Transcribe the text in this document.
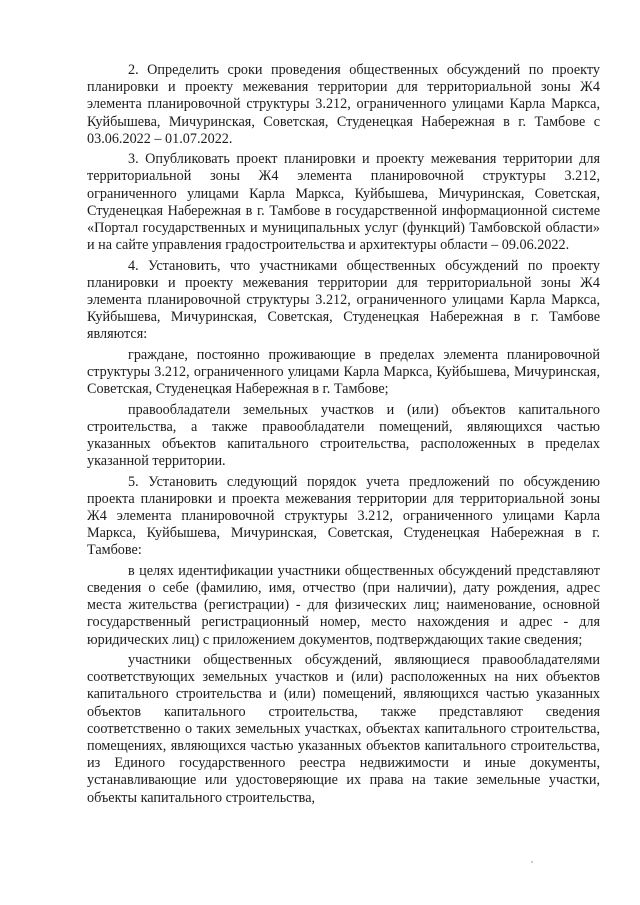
2. Определить сроки проведения общественных обсуждений по проекту планировки и проекту межевания территории для территориальной зоны Ж4 элемента планировочной структуры 3.212, ограниченного улицами Карла Маркса, Куйбышева, Мичуринская, Советская, Студенецкая Набережная в г. Тамбове с 03.06.2022 – 01.07.2022.

3. Опубликовать проект планировки и проекту межевания территории для территориальной зоны Ж4 элемента планировочной структуры 3.212, ограниченного улицами Карла Маркса, Куйбышева, Мичуринская, Советская, Студенецкая Набережная в г. Тамбове в государственной информационной системе «Портал государственных и муниципальных услуг (функций) Тамбовской области» и на сайте управления градостроительства и архитектуры области – 09.06.2022.

4. Установить, что участниками общественных обсуждений по проекту планировки и проекту межевания территории для территориальной зоны Ж4 элемента планировочной структуры 3.212, ограниченного улицами Карла Маркса, Куйбышева, Мичуринская, Советская, Студенецкая Набережная в г. Тамбове являются:

граждане, постоянно проживающие в пределах элемента планировочной структуры 3.212, ограниченного улицами Карла Маркса, Куйбышева, Мичуринская, Советская, Студенецкая Набережная в г. Тамбове;

правообладатели земельных участков и (или) объектов капитального строительства, а также правообладатели помещений, являющихся частью указанных объектов капитального строительства, расположенных в пределах указанной территории.

5. Установить следующий порядок учета предложений по обсуждению проекта планировки и проекта межевания территории для территориальной зоны Ж4 элемента планировочной структуры 3.212, ограниченного улицами Карла Маркса, Куйбышева, Мичуринская, Советская, Студенецкая Набережная в г. Тамбове:

в целях идентификации участники общественных обсуждений представляют сведения о себе (фамилию, имя, отчество (при наличии), дату рождения, адрес места жительства (регистрации) - для физических лиц; наименование, основной государственный регистрационный номер, место нахождения и адрес - для юридических лиц) с приложением документов, подтверждающих такие сведения;

участники общественных обсуждений, являющиеся правообладателями соответствующих земельных участков и (или) расположенных на них объектов капитального строительства и (или) помещений, являющихся частью указанных объектов капитального строительства, также представляют сведения соответственно о таких земельных участках, объектах капитального строительства, помещениях, являющихся частью указанных объектов капитального строительства, из Единого государственного реестра недвижимости и иные документы, устанавливающие или удостоверяющие их права на такие земельные участки, объекты капитального строительства,
